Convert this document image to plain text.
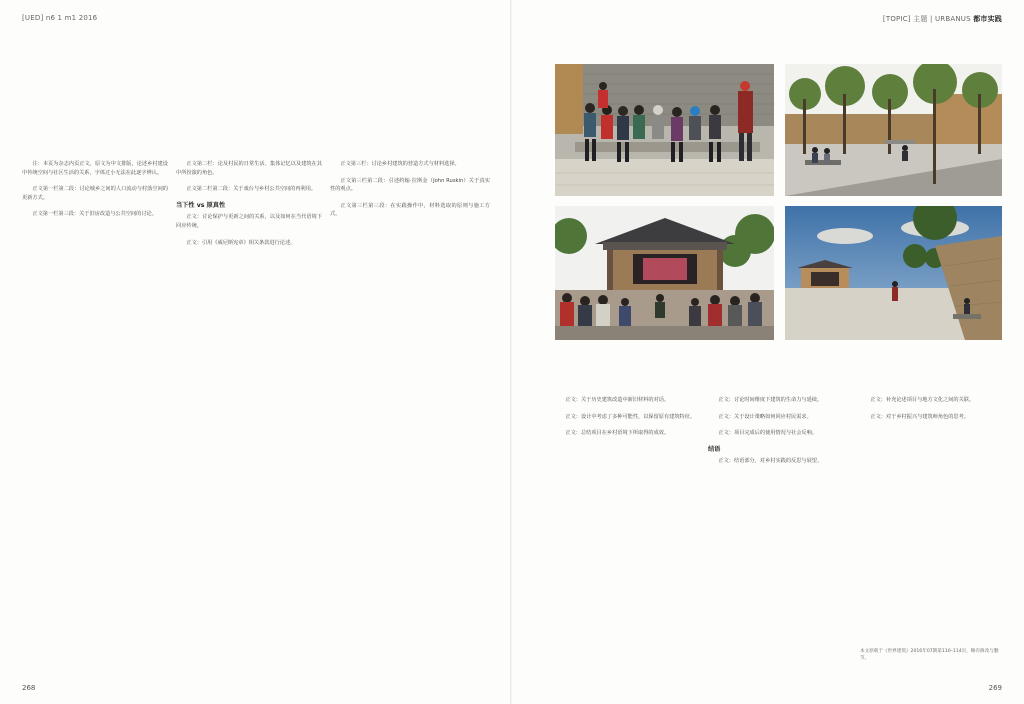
[UED] n6 1 m1 2016

注：本页为杂志内页正文，原文为中文排版，论述乡村建设中传统空间与社区生活的关系，字体过小无法在此逐字辨认。

正文第一栏第二段：讨论城乡之间的人口流动与村落空间的更新方式。

正文第一栏第三段：关于旧房改造与公共空间的讨论。

正文第二栏：论及村民的日常生活、集体记忆以及建筑在其中所扮演的角色。

正文第二栏第二段：关于戏台与乡村公共空间的再利用。

当下性 vs 原真性

正文：讨论保护与更新之间的关系，以及如何在当代语境下回应传统。

正文：引用《威尼斯宪章》相关条款进行论述。

正文第三栏：讨论乡村建筑的营造方式与材料选择。

正文第三栏第二段：引述约翰·拉斯金（John Ruskin）关于真实性的观点。

正文第三栏第三段：在实践操作中，材料选取的原则与施工方式。

268
[TOPIC] 主题 | URBANUS 都市实践

正文：关于历史建筑改造中新旧材料的对话。

正文：设计中考虑了多种可能性，以保留原有建筑特征。

正文：总结项目在乡村语境下所取得的成效。

正文：讨论时间维度下建筑的生命力与延续。

正文：关于设计策略如何回应村民需求。

正文：项目完成后的使用情况与社会反响。

结语

正文：结语部分，对乡村实践的反思与展望。

正文：补充论述项目与地方文化之间的关联。

正文：对于乡村振兴与建筑师角色的思考。

本文原载于《世界建筑》2016年07期第110–114页，略有修改与删节。
269
